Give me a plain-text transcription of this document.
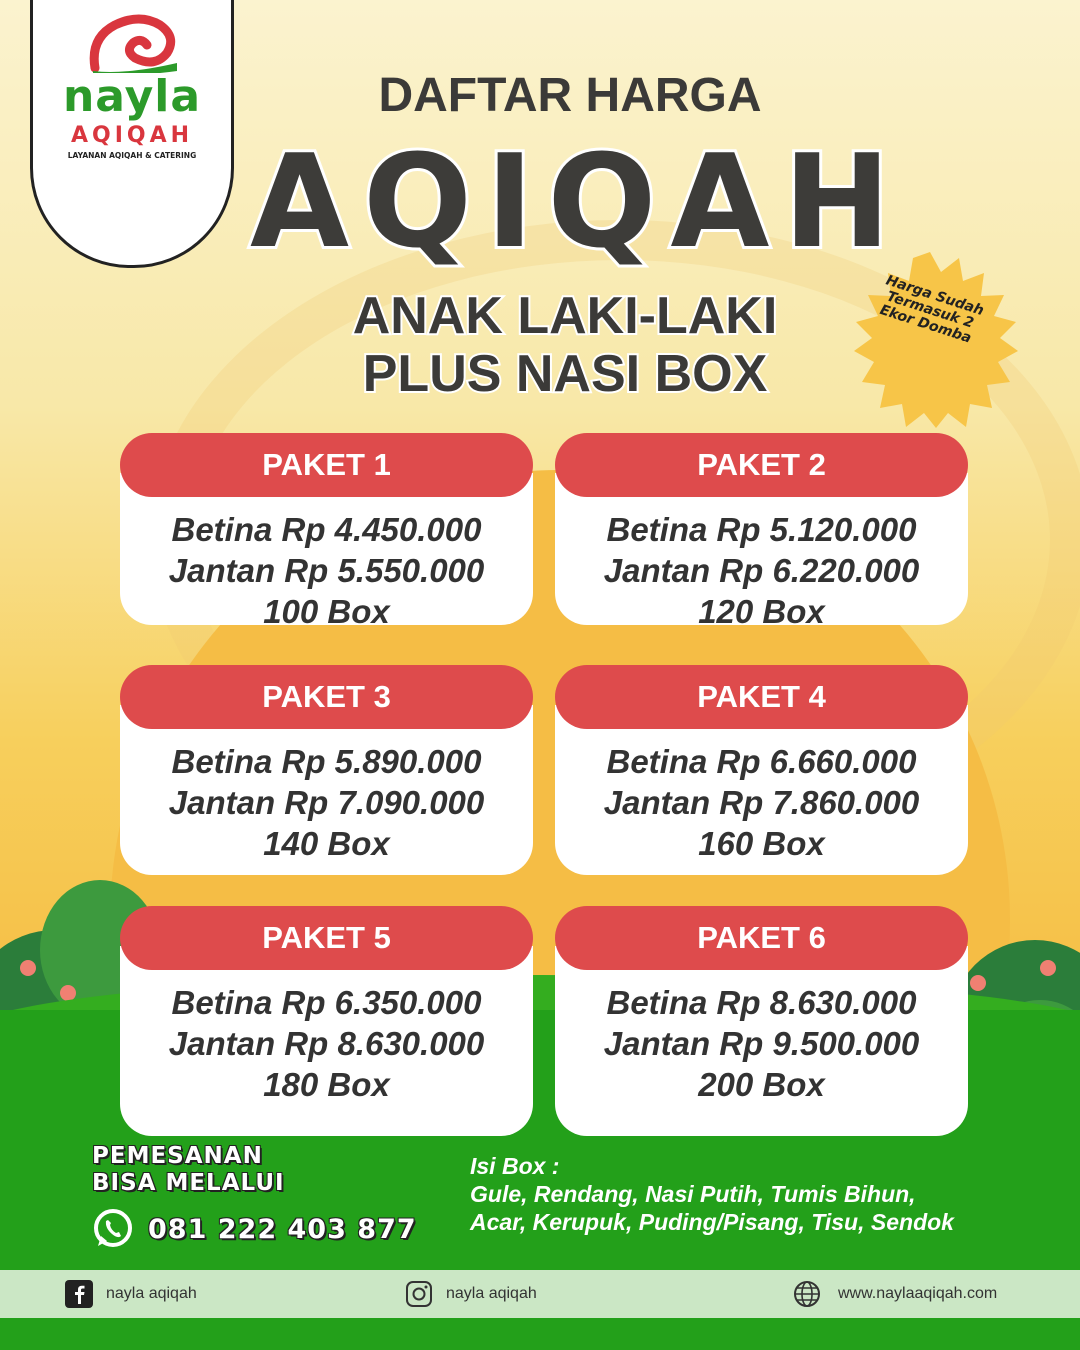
nayla
AQIQAH
LAYANAN AQIQAH & CATERING
DAFTAR HARGA
AQIQAH
ANAK LAKI-LAKI
PLUS NASI BOX
Harga Sudah Termasuk 2 Ekor Domba
PAKET 1
Betina Rp 4.450.000
Jantan Rp 5.550.000
100 Box
PAKET 2
Betina Rp 5.120.000
Jantan Rp 6.220.000
120 Box
PAKET 3
Betina Rp 5.890.000
Jantan Rp 7.090.000
140 Box
PAKET 4
Betina Rp 6.660.000
Jantan Rp 7.860.000
160 Box
PAKET 5
Betina Rp 6.350.000
Jantan Rp 8.630.000
180 Box
PAKET 6
Betina Rp 8.630.000
Jantan Rp 9.500.000
200 Box
PEMESANAN
BISA MELALUI
081 222 403 877
Isi Box :
Gule, Rendang, Nasi Putih, Tumis Bihun,
Acar, Kerupuk, Puding/Pisang, Tisu, Sendok
nayla aqiqah	nayla aqiqah	www.naylaaqiqah.com
